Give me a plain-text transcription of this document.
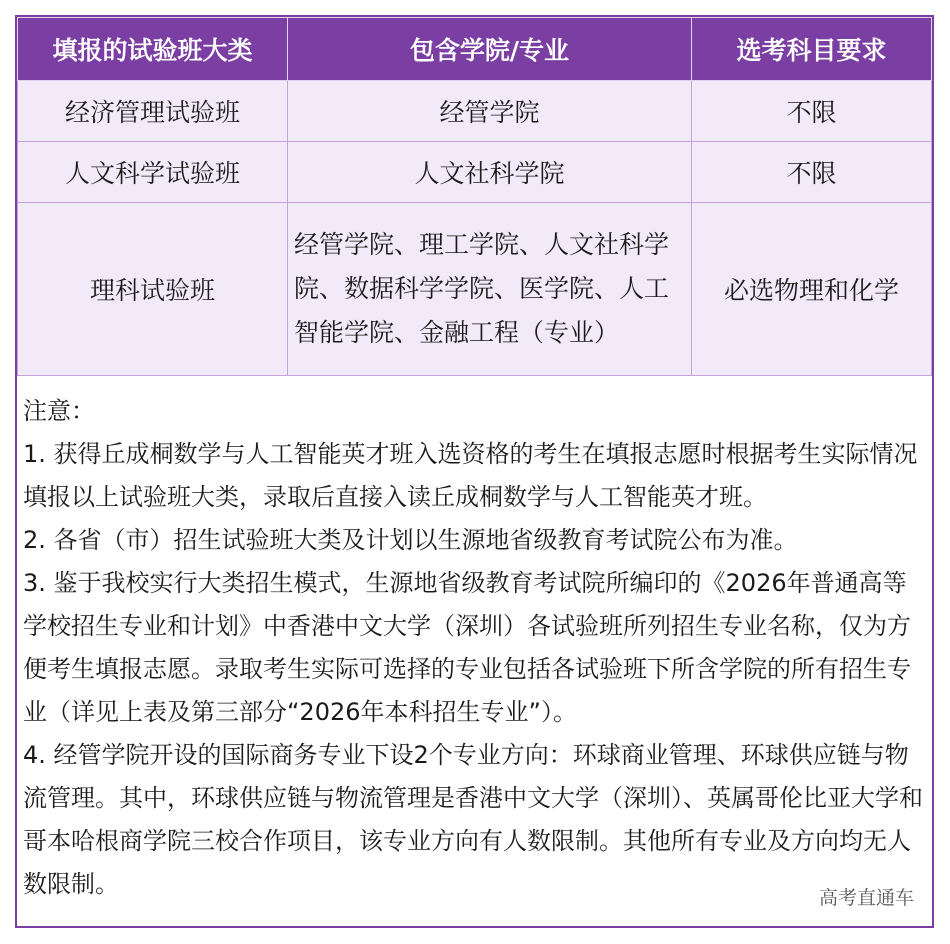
填报的试验班大类	包含学院/专业	选考科目要求
经济管理试验班	经管学院	不限
人文科学试验班	人文社科学院	不限
理科试验班	经管学院、理工学院、人文社科学院、数据科学学院、医学院、人工智能学院、金融工程（专业）	必选物理和化学

注意：

1. 获得丘成桐数学与人工智能英才班入选资格的考生在填报志愿时根据考生实际情况填报以上试验班大类，录取后直接入读丘成桐数学与人工智能英才班。

2. 各省（市）招生试验班大类及计划以生源地省级教育考试院公布为准。

3. 鉴于我校实行大类招生模式，生源地省级教育考试院所编印的《2026年普通高等学校招生专业和计划》中香港中文大学（深圳）各试验班所列招生专业名称，仅为方便考生填报志愿。录取考生实际可选择的专业包括各试验班下所含学院的所有招生专业（详见上表及第三部分“2026年本科招生专业”）。

4. 经管学院开设的国际商务专业下设2个专业方向：环球商业管理、环球供应链与物流管理。其中，环球供应链与物流管理是香港中文大学（深圳）、英属哥伦比亚大学和哥本哈根商学院三校合作项目，该专业方向有人数限制。其他所有专业及方向均无人数限制。	高考直通车
